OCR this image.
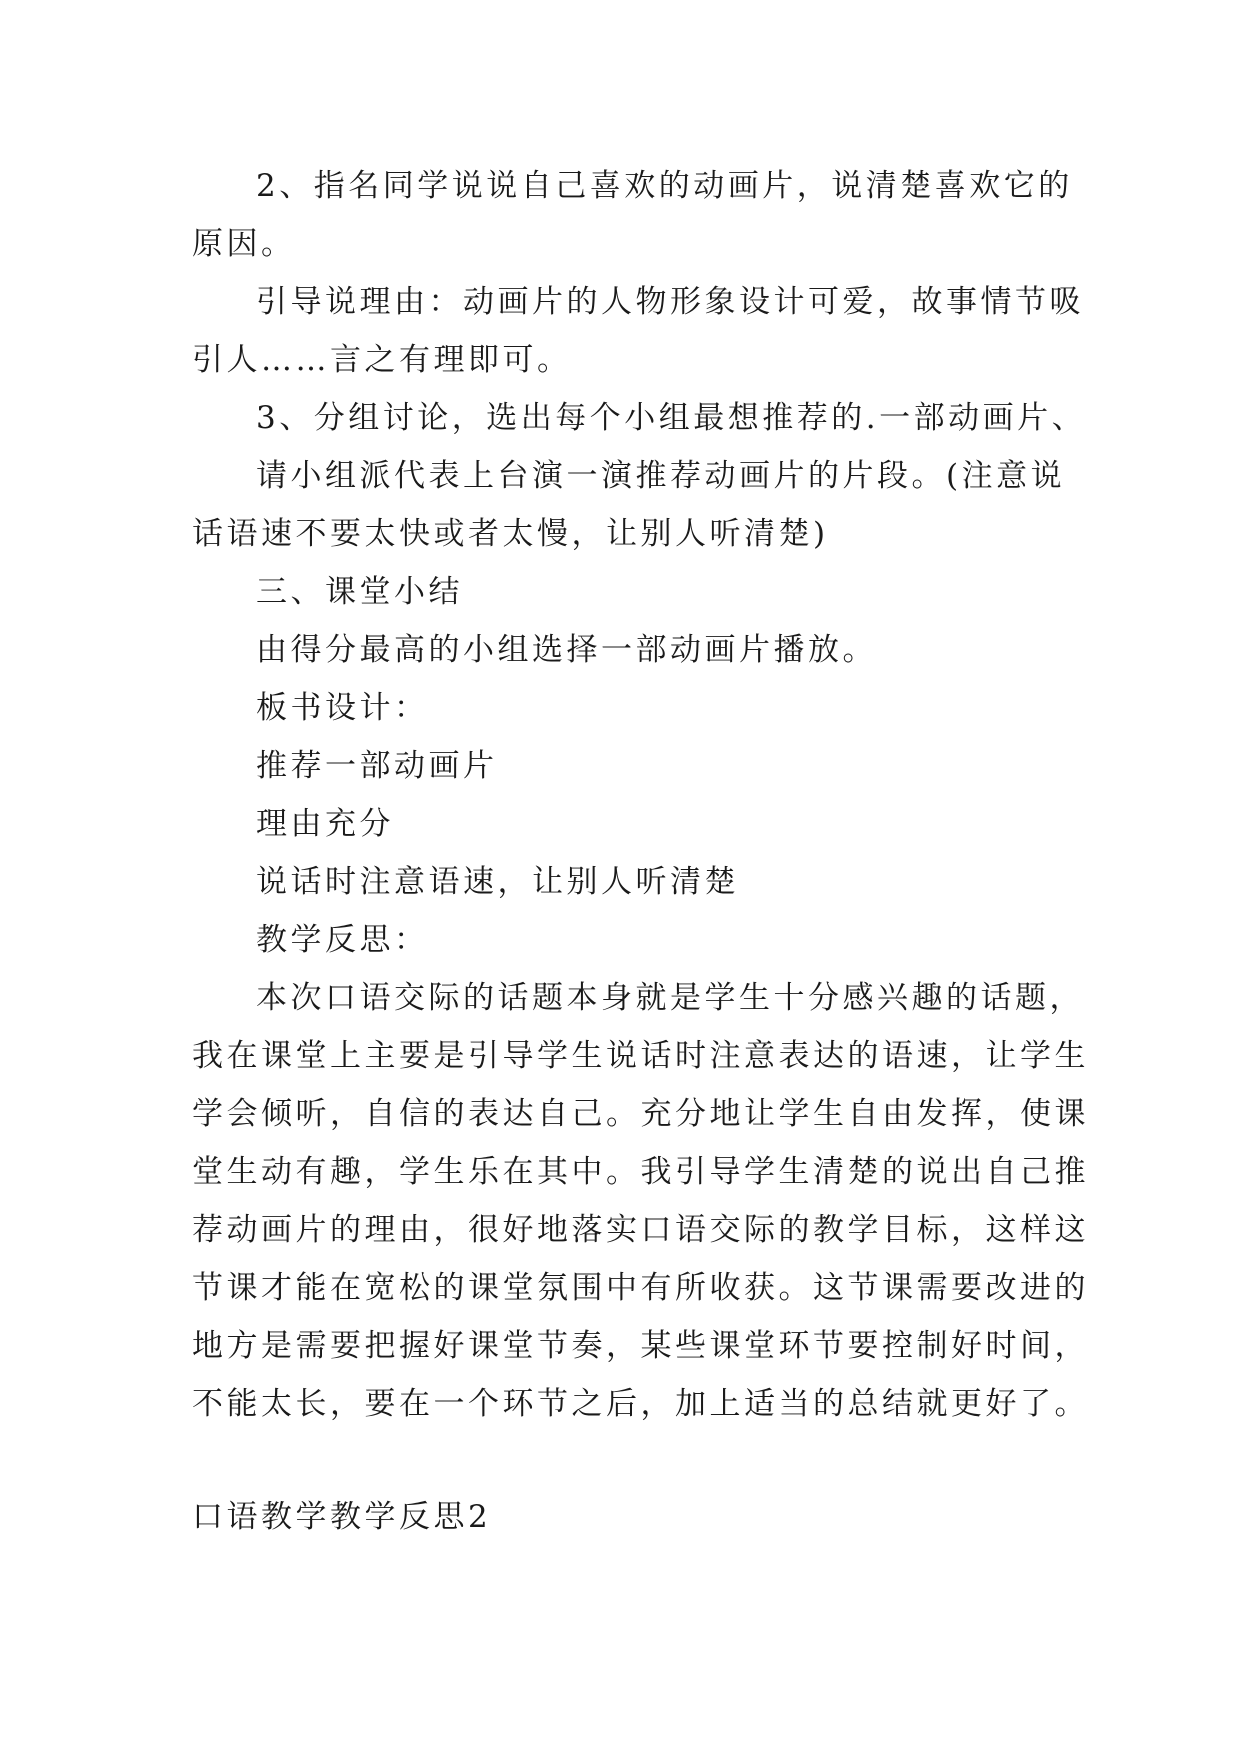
2、指名同学说说自己喜欢的动画片，说清楚喜欢它的
原因。
引导说理由：动画片的人物形象设计可爱，故事情节吸
引人……言之有理即可。
3、分组讨论，选出每个小组最想推荐的.一部动画片、
请小组派代表上台演一演推荐动画片的片段。(注意说
话语速不要太快或者太慢，让别人听清楚)
三、课堂小结
由得分最高的小组选择一部动画片播放。
板书设计：
推荐一部动画片
理由充分
说话时注意语速，让别人听清楚
教学反思：
本次口语交际的话题本身就是学生十分感兴趣的话题，
我在课堂上主要是引导学生说话时注意表达的语速，让学生
学会倾听，自信的表达自己。充分地让学生自由发挥，使课
堂生动有趣，学生乐在其中。我引导学生清楚的说出自己推
荐动画片的理由，很好地落实口语交际的教学目标，这样这
节课才能在宽松的课堂氛围中有所收获。这节课需要改进的
地方是需要把握好课堂节奏，某些课堂环节要控制好时间，
不能太长，要在一个环节之后，加上适当的总结就更好了。
口语教学教学反思2
